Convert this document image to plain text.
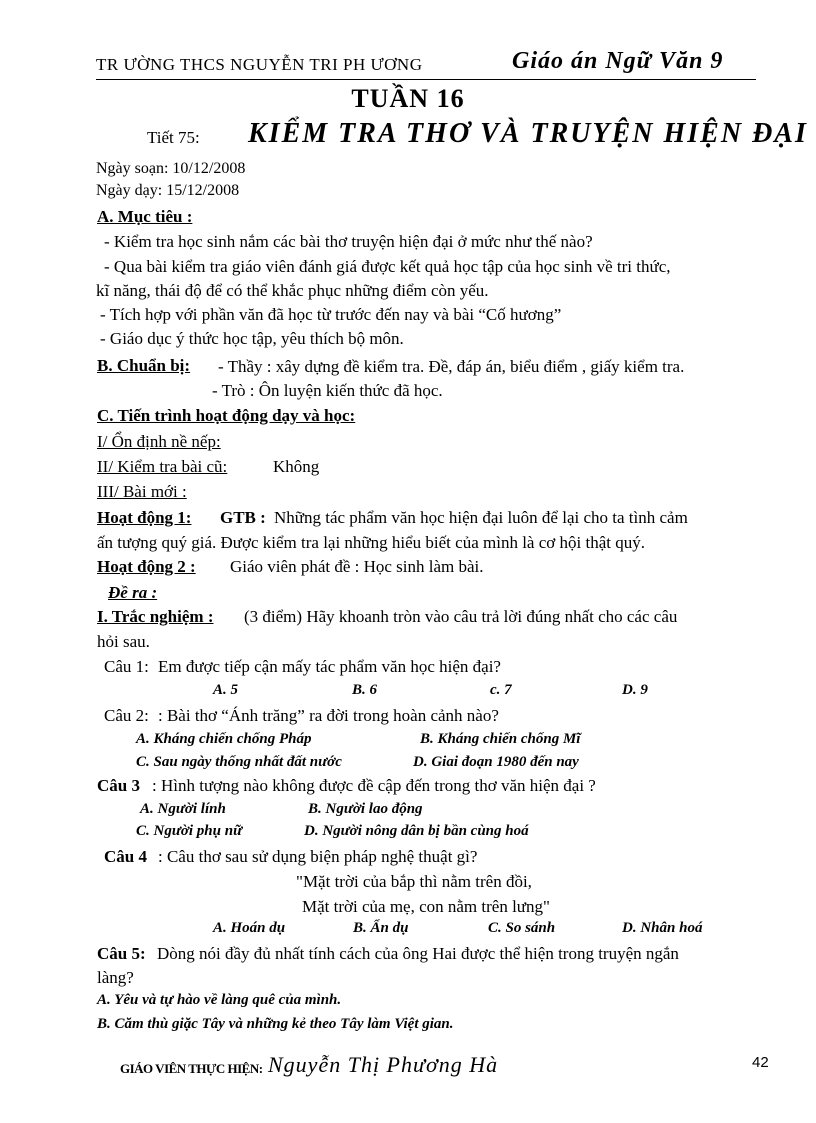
TR ƯỜNG THCS NGUYỄN TRI PH ƯƠNG	Giáo án Ngữ Văn 9
TUẦN 16
Tiết 75: KIỂM TRA THƠ VÀ TRUYỆN HIỆN ĐẠI
Ngày soạn: 10/12/2008
Ngày dạy: 15/12/2008
A. Mục tiêu :
- Kiểm tra học sinh nắm các bài thơ truyện hiện đại ở mức như thế nào?
- Qua bài kiểm tra giáo viên đánh giá được kết quả học tập của học sinh về tri thức,
kĩ năng, thái độ để có thể khắc phục những điểm còn yếu.
- Tích hợp với phần văn đã học từ trước đến nay và bài “Cố hương”
- Giáo dục ý thức học tập, yêu thích bộ môn.
B. Chuẩn bị: - Thầy : xây dựng đề kiểm tra. Đề, đáp án, biểu điểm , giấy kiểm tra.
- Trò : Ôn luyện kiến thức đã học.
C. Tiến trình hoạt động dạy và học:
I/ Ổn định nề nếp:
II/ Kiểm tra bài cũ:	Không
III/ Bài mới :
Hoạt động 1: GTB : Những tác phẩm văn học hiện đại luôn để lại cho ta tình cảm
ấn tượng quý giá. Được kiểm tra lại những hiểu biết của mình là cơ hội thật quý.
Hoạt động 2 : Giáo viên phát đề : Học sinh làm bài.
Đề ra :
I. Trắc nghiệm : (3 điểm) Hãy khoanh tròn vào câu trả lời đúng nhất cho các câu
hỏi sau.
Câu 1: Em được tiếp cận mấy tác phẩm văn học hiện đại?
A. 5	B. 6	c. 7	D. 9
Câu 2: : Bài thơ “Ánh trăng” ra đời trong hoàn cảnh nào?
A. Kháng chiến chống Pháp	B. Kháng chiến chống Mĩ
C. Sau ngày thống nhất đất nước	D. Giai đoạn 1980 đến nay
Câu 3 : Hình tượng nào không được đề cập đến trong thơ văn hiện đại ?
A. Người lính	B. Người lao động
C. Người phụ nữ	D. Người nông dân bị bần cùng hoá
Câu 4 : Câu thơ sau sử dụng biện pháp nghệ thuật gì?
"Mặt trời của bắp thì nằm trên đồi,
Mặt trời của mẹ, con nằm trên lưng"
A. Hoán dụ	B. Ẩn dụ	C. So sánh	D. Nhân hoá
Câu 5: Dòng nói đầy đủ nhất tính cách của ông Hai được thể hiện trong truyện ngắn
làng?
A. Yêu và tự hào về làng quê của mình.
B. Căm thù giặc Tây và những kẻ theo Tây làm Việt gian.
GIÁO VIÊN THỰC HIỆN: Nguyễn Thị Phương Hà	42
